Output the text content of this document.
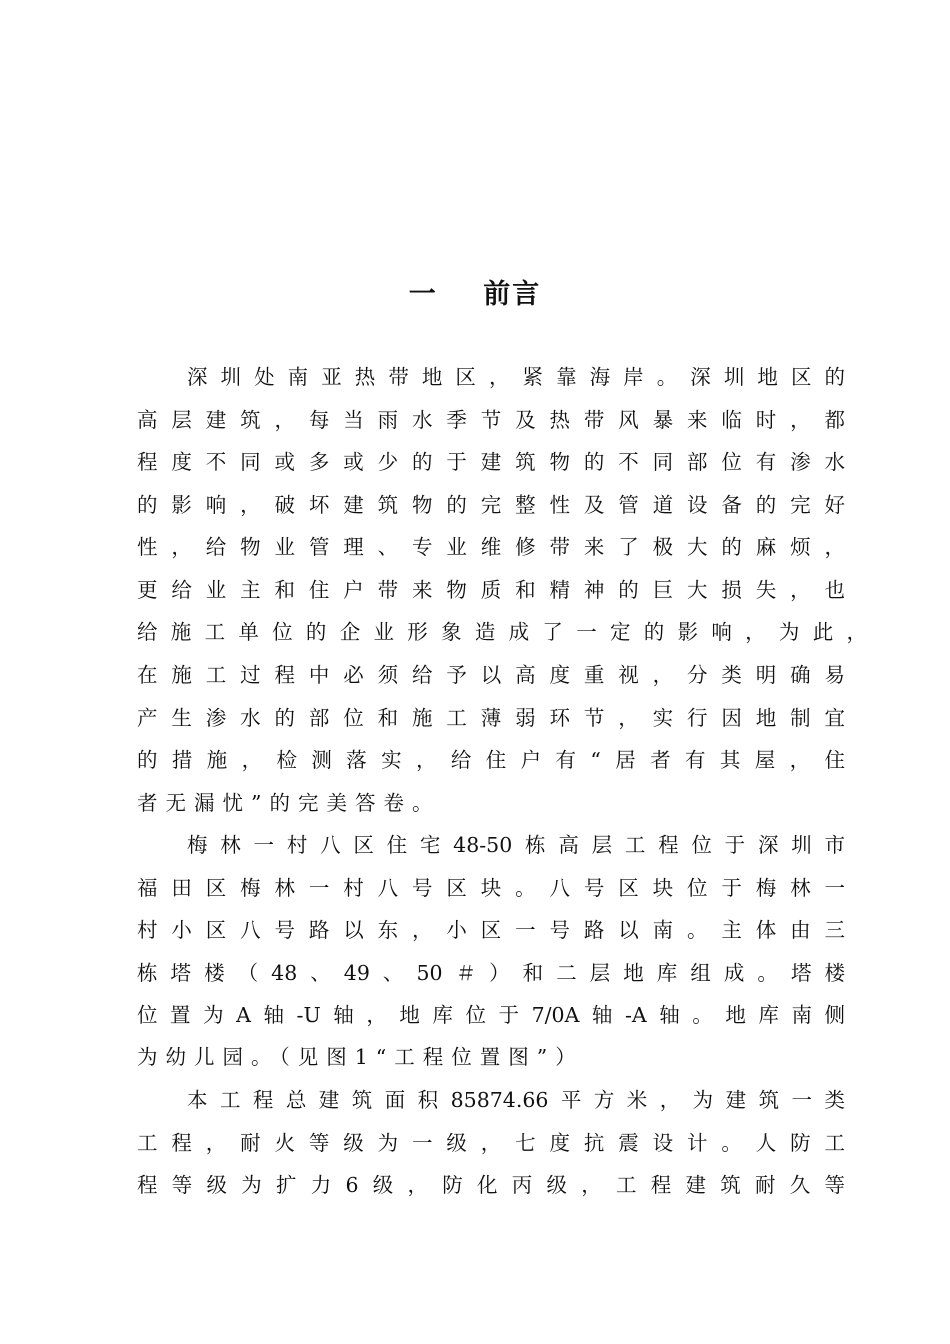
一    前言
深圳处南亚热带地区，紧靠海岸。深圳地区的
高层建筑，每当雨水季节及热带风暴来临时，都
程度不同或多或少的于建筑物的不同部位有渗水
的影响，破坏建筑物的完整性及管道设备的完好
性，给物业管理、专业维修带来了极大的麻烦，
更给业主和住户带来物质和精神的巨大损失，也
给施工单位的企业形象造成了一定的影响，为此，
在施工过程中必须给予以高度重视，分类明确易
产生渗水的部位和施工薄弱环节，实行因地制宜
的措施，检测落实，给住户有“居者有其屋，住
者无漏忧”的完美答卷。
梅林一村八区住宅48-50栋高层工程位于深圳市
福田区梅林一村八号区块。八号区块位于梅林一
村小区八号路以东，小区一号路以南。主体由三
栋塔楼（48、49、50＃）和二层地库组成。塔楼
位置为A轴-U轴，地库位于7/0A轴-A轴。地库南侧
为幼儿园。（见图1“工程位置图”）
本工程总建筑面积85874.66平方米，为建筑一类
工程，耐火等级为一级，七度抗震设计。人防工
程等级为扩力6级，防化丙级，工程建筑耐久等
